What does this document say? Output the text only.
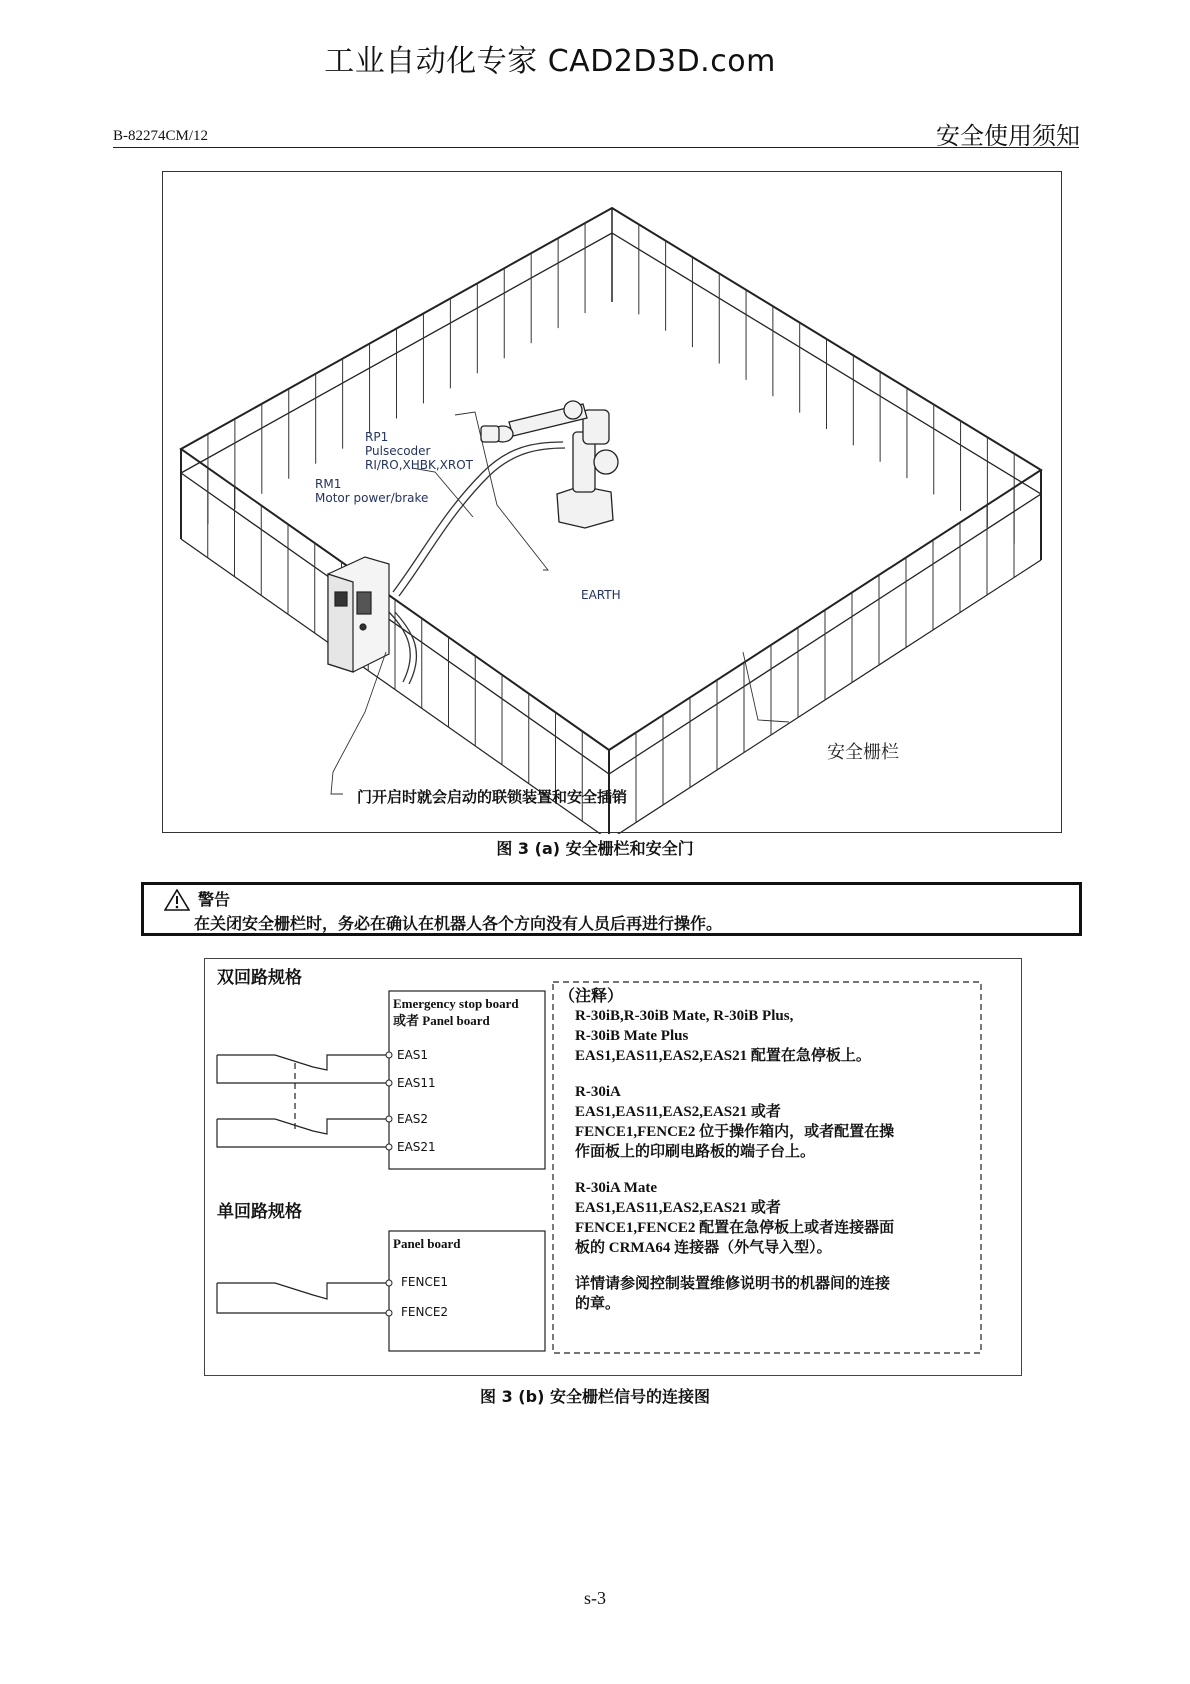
工业自动化专家 CAD2D3D.com
B-82274CM/12	安全使用须知
RP1
Pulsecoder
RI/RO,XHBK,XROT
RM1
Motor power/brake
EARTH
安全栅栏
门开启时就会启动的联锁装置和安全插销
图 3 (a) 安全栅栏和安全门
警告
在关闭安全栅栏时，务必在确认在机器人各个方向没有人员后再进行操作。
双回路规格
单回路规格
Emergency stop board
或者 Panel board
Panel board
EAS1
EAS11
EAS2
EAS21
FENCE1
FENCE2
（注释）
R-30iB,R-30iB Mate, R-30iB Plus,
R-30iB Mate Plus
EAS1,EAS11,EAS2,EAS21 配置在急停板上。
R-30iA
EAS1,EAS11,EAS2,EAS21 或者
FENCE1,FENCE2 位于操作箱内，或者配置在操
作面板上的印刷电路板的端子台上。
R-30iA Mate
EAS1,EAS11,EAS2,EAS21 或者
FENCE1,FENCE2 配置在急停板上或者连接器面
板的 CRMA64 连接器（外气导入型）。
详情请参阅控制装置维修说明书的机器间的连接
的章。
图 3 (b) 安全栅栏信号的连接图
s-3
